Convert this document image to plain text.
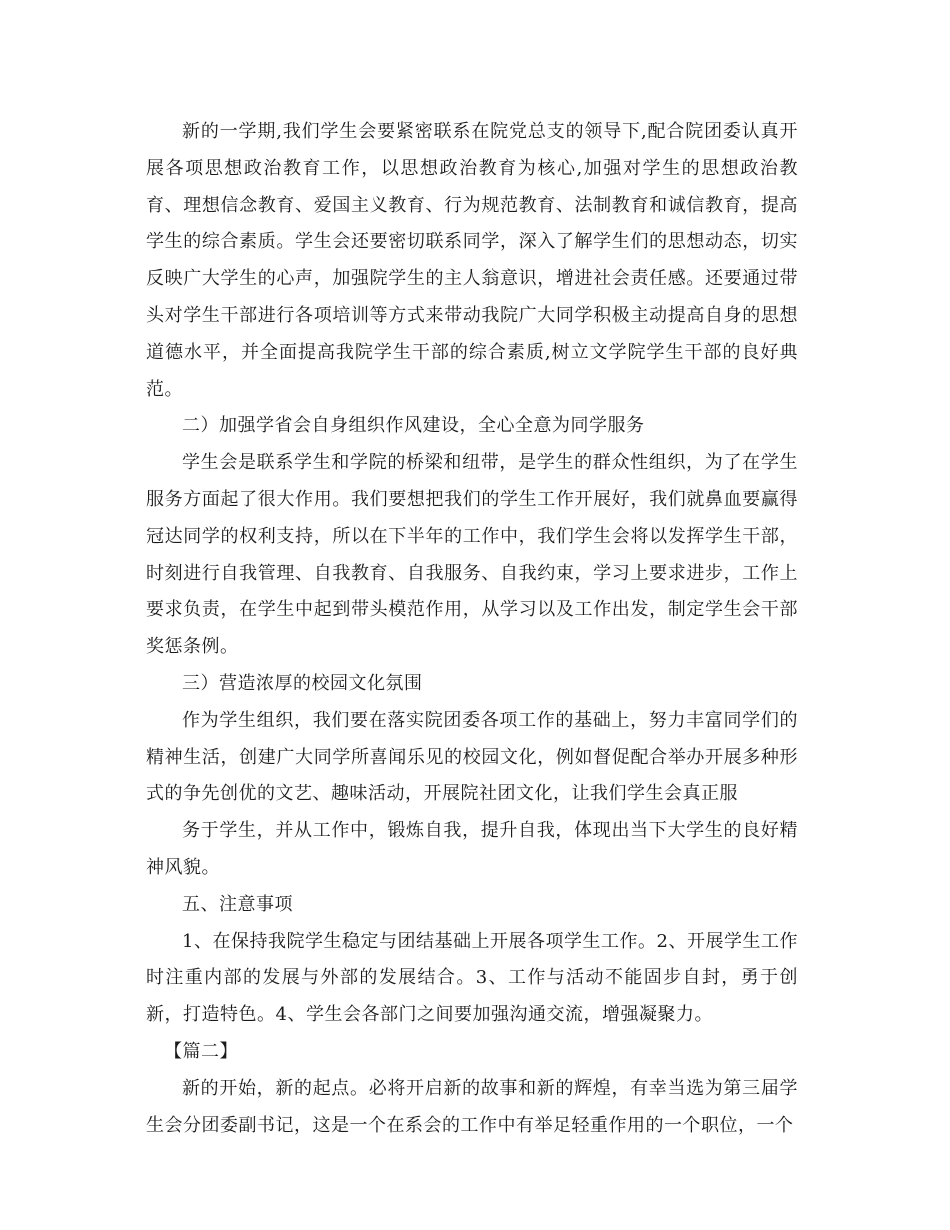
新的一学期,我们学生会要紧密联系在院党总支的领导下,配合院团委认真开展各项思想政治教育工作，以思想政治教育为核心,加强对学生的思想政治教育、理想信念教育、爱国主义教育、行为规范教育、法制教育和诚信教育，提高学生的综合素质。学生会还要密切联系同学，深入了解学生们的思想动态，切实反映广大学生的心声，加强院学生的主人翁意识，增进社会责任感。还要通过带头对学生干部进行各项培训等方式来带动我院广大同学积极主动提高自身的思想道德水平，并全面提高我院学生干部的综合素质,树立文学院学生干部的良好典范。

二）加强学省会自身组织作风建设，全心全意为同学服务

学生会是联系学生和学院的桥梁和纽带，是学生的群众性组织，为了在学生服务方面起了很大作用。我们要想把我们的学生工作开展好，我们就鼻血要赢得冠达同学的权利支持，所以在下半年的工作中，我们学生会将以发挥学生干部，时刻进行自我管理、自我教育、自我服务、自我约束，学习上要求进步，工作上要求负责，在学生中起到带头模范作用，从学习以及工作出发，制定学生会干部奖惩条例。

三）营造浓厚的校园文化氛围

作为学生组织，我们要在落实院团委各项工作的基础上，努力丰富同学们的精神生活，创建广大同学所喜闻乐见的校园文化，例如督促配合举办开展多种形式的争先创优的文艺、趣味活动，开展院社团文化，让我们学生会真正服

务于学生，并从工作中，锻炼自我，提升自我，体现出当下大学生的良好精神风貌。

五、注意事项

1、在保持我院学生稳定与团结基础上开展各项学生工作。2、开展学生工作时注重内部的发展与外部的发展结合。3、工作与活动不能固步自封，勇于创新，打造特色。4、学生会各部门之间要加强沟通交流，增强凝聚力。

【篇二】

新的开始，新的起点。必将开启新的故事和新的辉煌，有幸当选为第三届学生会分团委副书记，这是一个在系会的工作中有举足轻重作用的一个职位，一个
